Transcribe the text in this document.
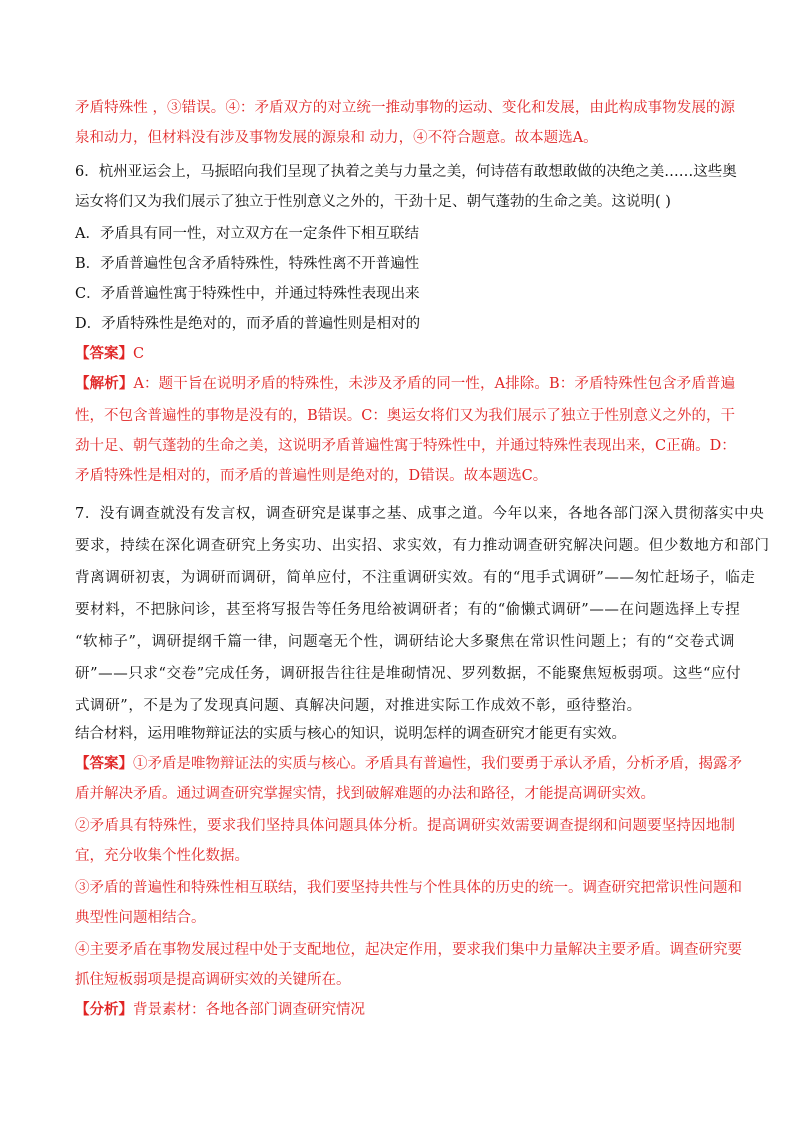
矛盾特殊性 ，③错误。④：矛盾双方的对立统一推动事物的运动、变化和发展，由此构成事物发展的源
泉和动力，但材料没有涉及事物发展的源泉和 动力，④不符合题意。故本题选A。
6．杭州亚运会上，马振昭向我们呈现了执着之美与力量之美，何诗蓓有敢想敢做的决绝之美……这些奥
运女将们又为我们展示了独立于性别意义之外的，干劲十足、朝气蓬勃的生命之美。这说明( )
A．矛盾具有同一性，对立双方在一定条件下相互联结
B．矛盾普遍性包含矛盾特殊性，特殊性离不开普遍性
C．矛盾普遍性寓于特殊性中，并通过特殊性表现出来
D．矛盾特殊性是绝对的，而矛盾的普遍性则是相对的
【答案】C
【解析】A：题干旨在说明矛盾的特殊性，未涉及矛盾的同一性，A排除。B：矛盾特殊性包含矛盾普遍
性，不包含普遍性的事物是没有的，B错误。C：奥运女将们又为我们展示了独立于性别意义之外的，干
劲十足、朝气蓬勃的生命之美，这说明矛盾普遍性寓于特殊性中，并通过特殊性表现出来，C正确。D：
矛盾特殊性是相对的，而矛盾的普遍性则是绝对的，D错误。故本题选C。
7．没有调查就没有发言权，调查研究是谋事之基、成事之道。今年以来，各地各部门深入贯彻落实中央
要求，持续在深化调查研究上务实功、出实招、求实效，有力推动调查研究解决问题。但少数地方和部门
背离调研初衷，为调研而调研，简单应付，不注重调研实效。有的“甩手式调研”——匆忙赶场子，临走
要材料，不把脉问诊，甚至将写报告等任务甩给被调研者；有的“偷懒式调研”——在问题选择上专捏
“软柿子”，调研提纲千篇一律，问题毫无个性，调研结论大多聚焦在常识性问题上；有的“交卷式调
研”——只求“交卷”完成任务，调研报告往往是堆砌情况、罗列数据，不能聚焦短板弱项。这些“应付
式调研”，不是为了发现真问题、真解决问题，对推进实际工作成效不彰，亟待整治。
结合材料，运用唯物辩证法的实质与核心的知识，说明怎样的调查研究才能更有实效。
【答案】①矛盾是唯物辩证法的实质与核心。矛盾具有普遍性，我们要勇于承认矛盾，分析矛盾，揭露矛
盾并解决矛盾。通过调查研究掌握实情，找到破解难题的办法和路径，才能提高调研实效。
②矛盾具有特殊性，要求我们坚持具体问题具体分析。提高调研实效需要调查提纲和问题要坚持因地制
宜，充分收集个性化数据。
③矛盾的普遍性和特殊性相互联结，我们要坚持共性与个性具体的历史的统一。调查研究把常识性问题和
典型性问题相结合。
④主要矛盾在事物发展过程中处于支配地位，起决定作用，要求我们集中力量解决主要矛盾。调查研究要
抓住短板弱项是提高调研实效的关键所在。
【分析】背景素材：各地各部门调查研究情况
